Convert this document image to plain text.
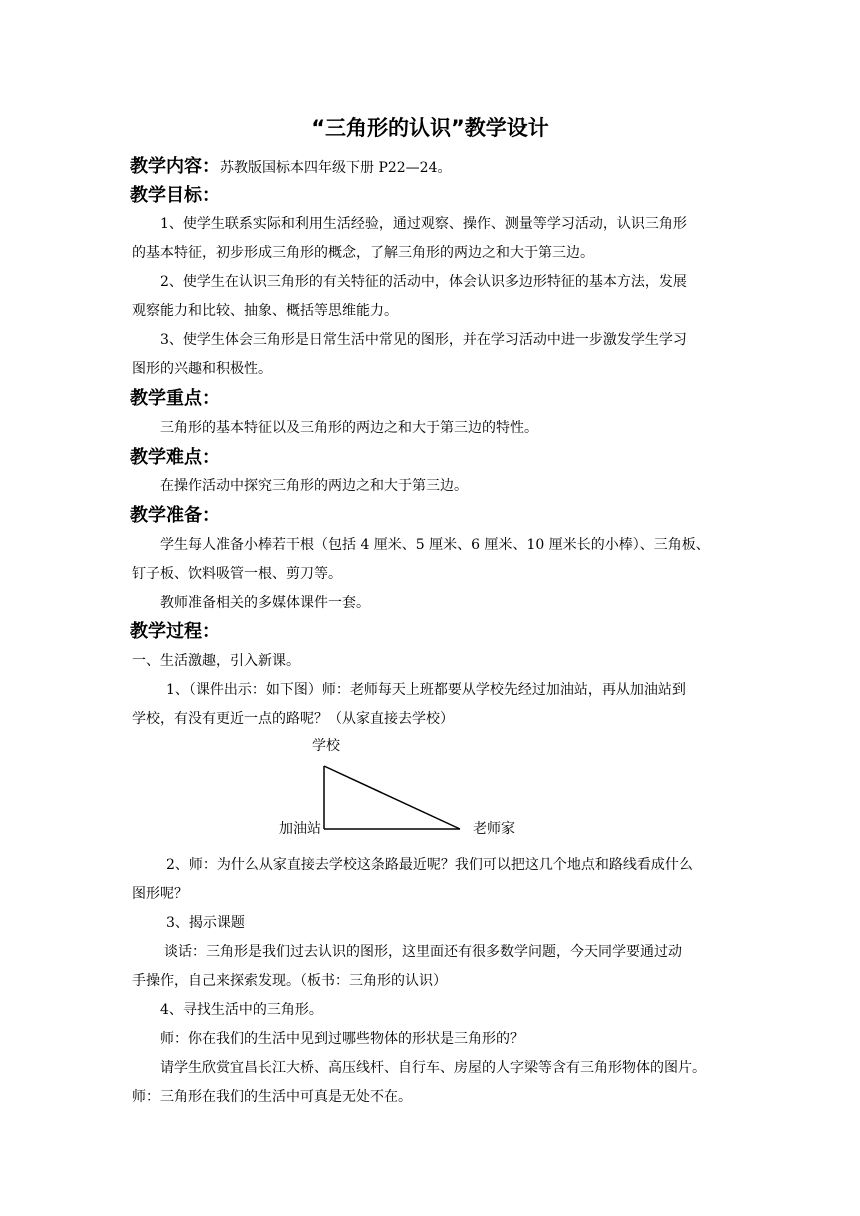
“三角形的认识”教学设计
教学内容：苏教版国标本四年级下册 P22—24。
教学目标：
1、使学生联系实际和利用生活经验，通过观察、操作、测量等学习活动，认识三角形
的基本特征，初步形成三角形的概念，了解三角形的两边之和大于第三边。
2、使学生在认识三角形的有关特征的活动中，体会认识多边形特征的基本方法，发展
观察能力和比较、抽象、概括等思维能力。
3、使学生体会三角形是日常生活中常见的图形，并在学习活动中进一步激发学生学习
图形的兴趣和积极性。
教学重点：
三角形的基本特征以及三角形的两边之和大于第三边的特性。
教学难点：
在操作活动中探究三角形的两边之和大于第三边。
教学准备：
学生每人准备小棒若干根（包括 4 厘米、5 厘米、6 厘米、10 厘米长的小棒）、三角板、
钉子板、饮料吸管一根、剪刀等。
教师准备相关的多媒体课件一套。
教学过程：
一、生活激趣，引入新课。
1、（课件出示：如下图）师：老师每天上班都要从学校先经过加油站，再从加油站到
学校，有没有更近一点的路呢？（从家直接去学校）
学校
加油站	老师家
2、师：为什么从家直接去学校这条路最近呢？我们可以把这几个地点和路线看成什么
图形呢？
3、揭示课题
谈话：三角形是我们过去认识的图形，这里面还有很多数学问题，今天同学要通过动
手操作，自己来探索发现。（板书：三角形的认识）
4、寻找生活中的三角形。
师：你在我们的生活中见到过哪些物体的形状是三角形的？
请学生欣赏宜昌长江大桥、高压线杆、自行车、房屋的人字梁等含有三角形物体的图片。
师：三角形在我们的生活中可真是无处不在。
